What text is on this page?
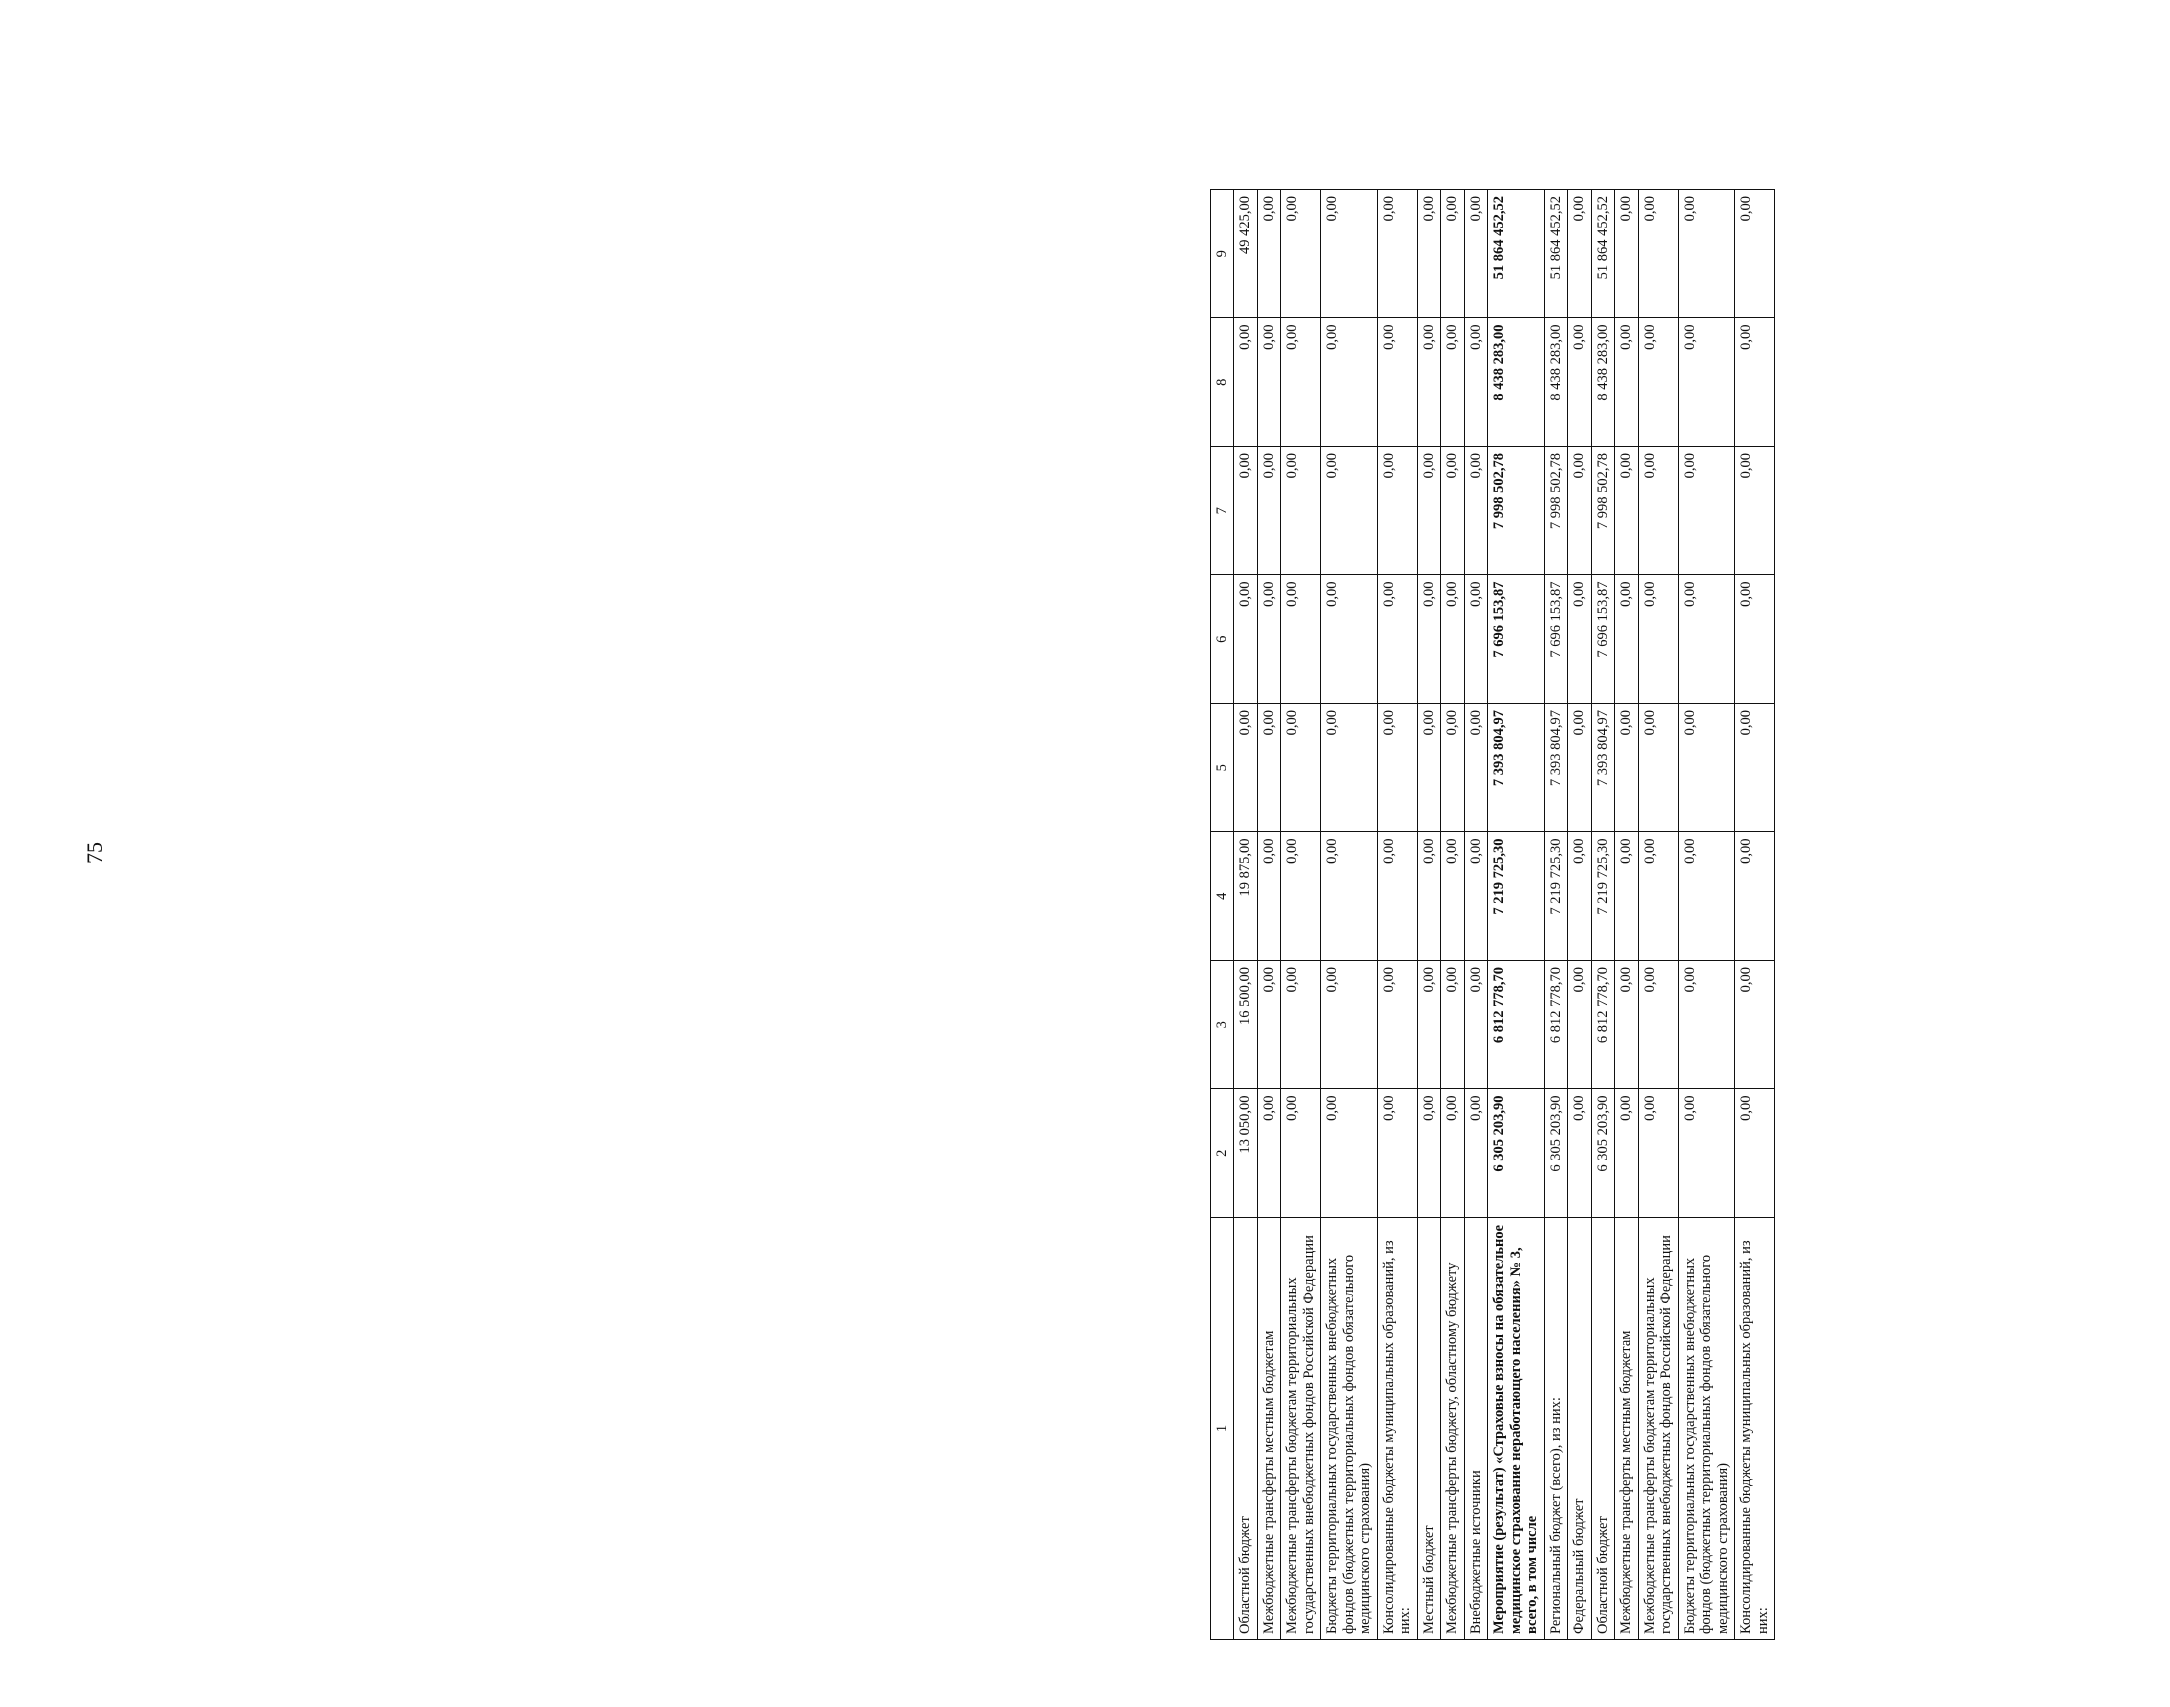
75
1	2	3	4	5	6	7	8	9
Областной бюджет	13 050,00	16 500,00	19 875,00	0,00	0,00	0,00	0,00	49 425,00
Межбюджетные трансферты местным бюджетам	0,00	0,00	0,00	0,00	0,00	0,00	0,00	0,00
Межбюджетные трансферты бюджетам территориальных государственных внебюджетных фондов Российской Федерации	0,00	0,00	0,00	0,00	0,00	0,00	0,00	0,00
Бюджеты территориальных государственных внебюджетных фондов (бюджетных территориальных фондов обязательного медицинского страхования)	0,00	0,00	0,00	0,00	0,00	0,00	0,00	0,00
Консолидированные бюджеты муниципальных образований, из них:	0,00	0,00	0,00	0,00	0,00	0,00	0,00	0,00
Местный бюджет	0,00	0,00	0,00	0,00	0,00	0,00	0,00	0,00
Межбюджетные трансферты бюджету, областному бюджету	0,00	0,00	0,00	0,00	0,00	0,00	0,00	0,00
Внебюджетные источники	0,00	0,00	0,00	0,00	0,00	0,00	0,00	0,00
Мероприятие (результат) «Страховые взносы на обязательное медицинское страхование неработающего населения» № 3, всего, в том числе	6 305 203,90	6 812 778,70	7 219 725,30	7 393 804,97	7 696 153,87	7 998 502,78	8 438 283,00	51 864 452,52
Региональный бюджет (всего), из них:	6 305 203,90	6 812 778,70	7 219 725,30	7 393 804,97	7 696 153,87	7 998 502,78	8 438 283,00	51 864 452,52
Федеральный бюджет	0,00	0,00	0,00	0,00	0,00	0,00	0,00	0,00
Областной бюджет	6 305 203,90	6 812 778,70	7 219 725,30	7 393 804,97	7 696 153,87	7 998 502,78	8 438 283,00	51 864 452,52
Межбюджетные трансферты местным бюджетам	0,00	0,00	0,00	0,00	0,00	0,00	0,00	0,00
Межбюджетные трансферты бюджетам территориальных государственных внебюджетных фондов Российской Федерации	0,00	0,00	0,00	0,00	0,00	0,00	0,00	0,00
Бюджеты территориальных государственных внебюджетных фондов (бюджетных территориальных фондов обязательного медицинского страхования)	0,00	0,00	0,00	0,00	0,00	0,00	0,00	0,00
Консолидированные бюджеты муниципальных образований, из них:	0,00	0,00	0,00	0,00	0,00	0,00	0,00	0,00
